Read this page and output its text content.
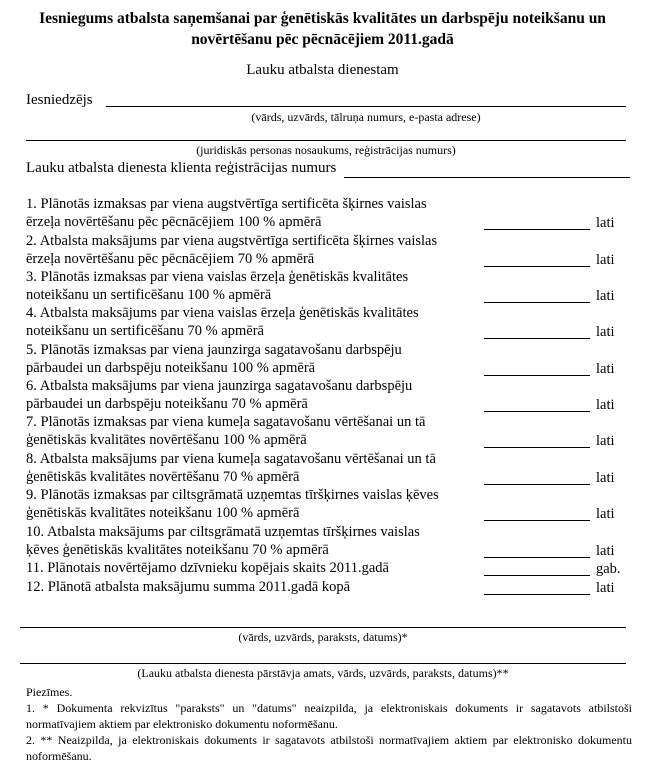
Iesniegums atbalsta saņemšanai par ģenētiskās kvalitātes un darbspēju noteikšanu un novērtēšanu pēc pēcnācējiem 2011.gadā
Lauku atbalsta dienestam
Iesniedzējs
(vārds, uzvārds, tālruņa numurs, e-pasta adrese)
(juridiskās personas nosaukums, reģistrācijas numurs)
Lauku atbalsta dienesta klienta reģistrācijas numurs
1. Plānotās izmaksas par viena augstvērtīga sertificēta šķirnes vaislas
ērzeļa novērtēšanu pēc pēcnācējiem 100 % apmērā	lati
2. Atbalsta maksājums par viena augstvērtīga sertificēta šķirnes vaislas
ērzeļa novērtēšanu pēc pēcnācējiem 70 % apmērā	lati
3. Plānotās izmaksas par viena vaislas ērzeļa ģenētiskās kvalitātes
noteikšanu un sertificēšanu 100 % apmērā	lati
4. Atbalsta maksājums par viena vaislas ērzeļa ģenētiskās kvalitātes
noteikšanu un sertificēšanu 70 % apmērā	lati
5. Plānotās izmaksas par viena jaunzirga sagatavošanu darbspēju
pārbaudei un darbspēju noteikšanu 100 % apmērā	lati
6. Atbalsta maksājums par viena jaunzirga sagatavošanu darbspēju
pārbaudei un darbspēju noteikšanu 70 % apmērā	lati
7. Plānotās izmaksas par viena kumeļa sagatavošanu vērtēšanai un tā
ģenētiskās kvalitātes novērtēšanu 100 % apmērā	lati
8. Atbalsta maksājums par viena kumeļa sagatavošanu vērtēšanai un tā
ģenētiskās kvalitātes novērtēšanu 70 % apmērā	lati
9. Plānotās izmaksas par ciltsgrāmatā uzņemtas tīršķirnes vaislas ķēves
ģenētiskās kvalitātes noteikšanu 100 % apmērā	lati
10. Atbalsta maksājums par ciltsgrāmatā uzņemtas tīršķirnes vaislas
ķēves ģenētiskās kvalitātes noteikšanu 70 % apmērā	lati
11. Plānotais novērtējamo dzīvnieku kopējais skaits 2011.gadā	gab.
12. Plānotā atbalsta maksājumu summa 2011.gadā kopā	lati
(vārds, uzvārds, paraksts, datums)*
(Lauku atbalsta dienesta pārstāvja amats, vārds, uzvārds, paraksts, datums)**

Piezīmes.

1. * Dokumenta rekvizītus "paraksts" un "datums" neaizpilda, ja elektroniskais dokuments ir sagatavots atbilstoši normatīvajiem aktiem par elektronisko dokumentu noformēšanu.

2. ** Neaizpilda, ja elektroniskais dokuments ir sagatavots atbilstoši normatīvajiem aktiem par elektronisko dokumentu noformēšanu.
